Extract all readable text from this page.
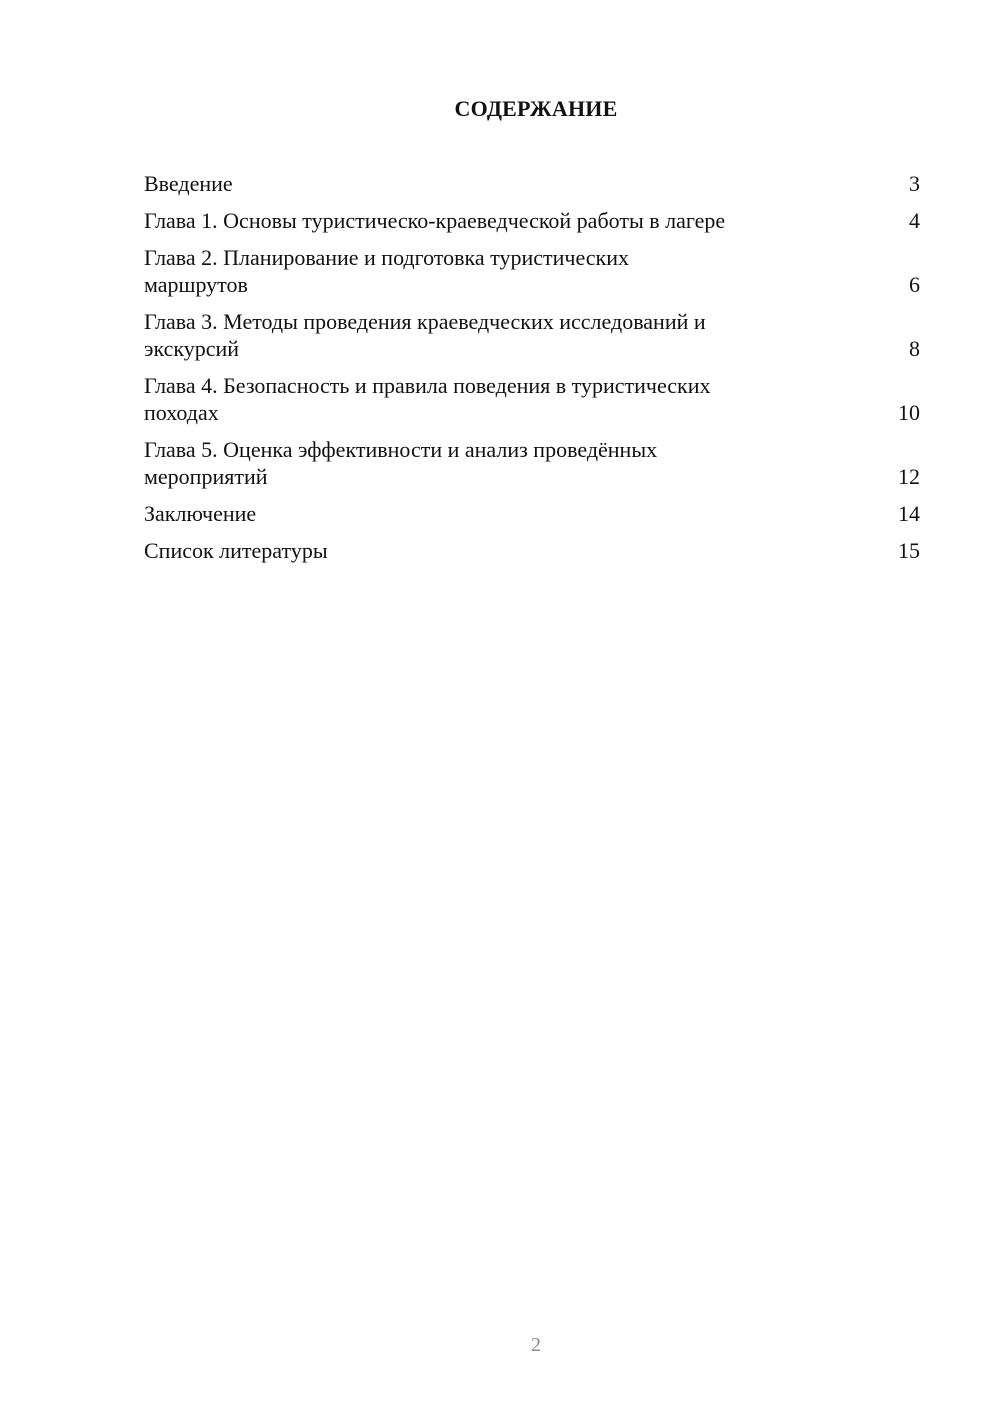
СОДЕРЖАНИЕ
Введение	3
Глава 1. Основы туристическо-краеведческой работы в лагере	4
Глава 2. Планирование и подготовка туристических
маршрутов	6
Глава 3. Методы проведения краеведческих исследований и
экскурсий	8
Глава 4. Безопасность и правила поведения в туристических
походах	10
Глава 5. Оценка эффективности и анализ проведённых
мероприятий	12
Заключение	14
Список литературы	15
2
